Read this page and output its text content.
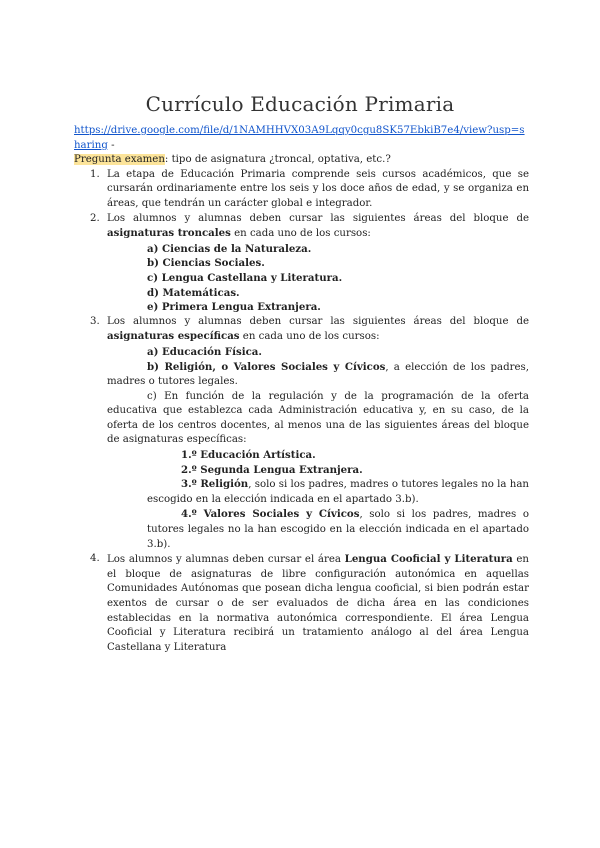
Currículo Educación Primaria

https://drive.google.com/file/d/1NAMHHVX03A9Lqqy0cgu8SK57EbkiB7e4/view?usp=sharing -

Pregunta examen: tipo de asignatura ¿troncal, optativa, etc.?

1. La etapa de Educación Primaria comprende seis cursos académicos, que se cursarán ordinariamente entre los seis y los doce años de edad, y se organiza en áreas, que tendrán un carácter global e integrador.

2. Los alumnos y alumnas deben cursar las siguientes áreas del bloque de asignaturas troncales en cada uno de los cursos:

a) Ciencias de la Naturaleza.

b) Ciencias Sociales.

c) Lengua Castellana y Literatura.

d) Matemáticas.

e) Primera Lengua Extranjera.

3. Los alumnos y alumnas deben cursar las siguientes áreas del bloque de asignaturas específicas en cada uno de los cursos:

a) Educación Física.

b) Religión, o Valores Sociales y Cívicos, a elección de los padres, madres o tutores legales.

c) En función de la regulación y de la programación de la oferta educativa que establezca cada Administración educativa y, en su caso, de la oferta de los centros docentes, al menos una de las siguientes áreas del bloque de asignaturas específicas:

1.º Educación Artística.

2.º Segunda Lengua Extranjera.

3.º Religión, solo si los padres, madres o tutores legales no la han escogido en la elección indicada en el apartado 3.b).

4.º Valores Sociales y Cívicos, solo si los padres, madres o tutores legales no la han escogido en la elección indicada en el apartado 3.b).

4. Los alumnos y alumnas deben cursar el área Lengua Cooficial y Literatura en el bloque de asignaturas de libre configuración autonómica en aquellas Comunidades Autónomas que posean dicha lengua cooficial, si bien podrán estar exentos de cursar o de ser evaluados de dicha área en las condiciones establecidas en la normativa autonómica correspondiente. El área Lengua Cooficial y Literatura recibirá un tratamiento análogo al del área Lengua Castellana y Literatura
